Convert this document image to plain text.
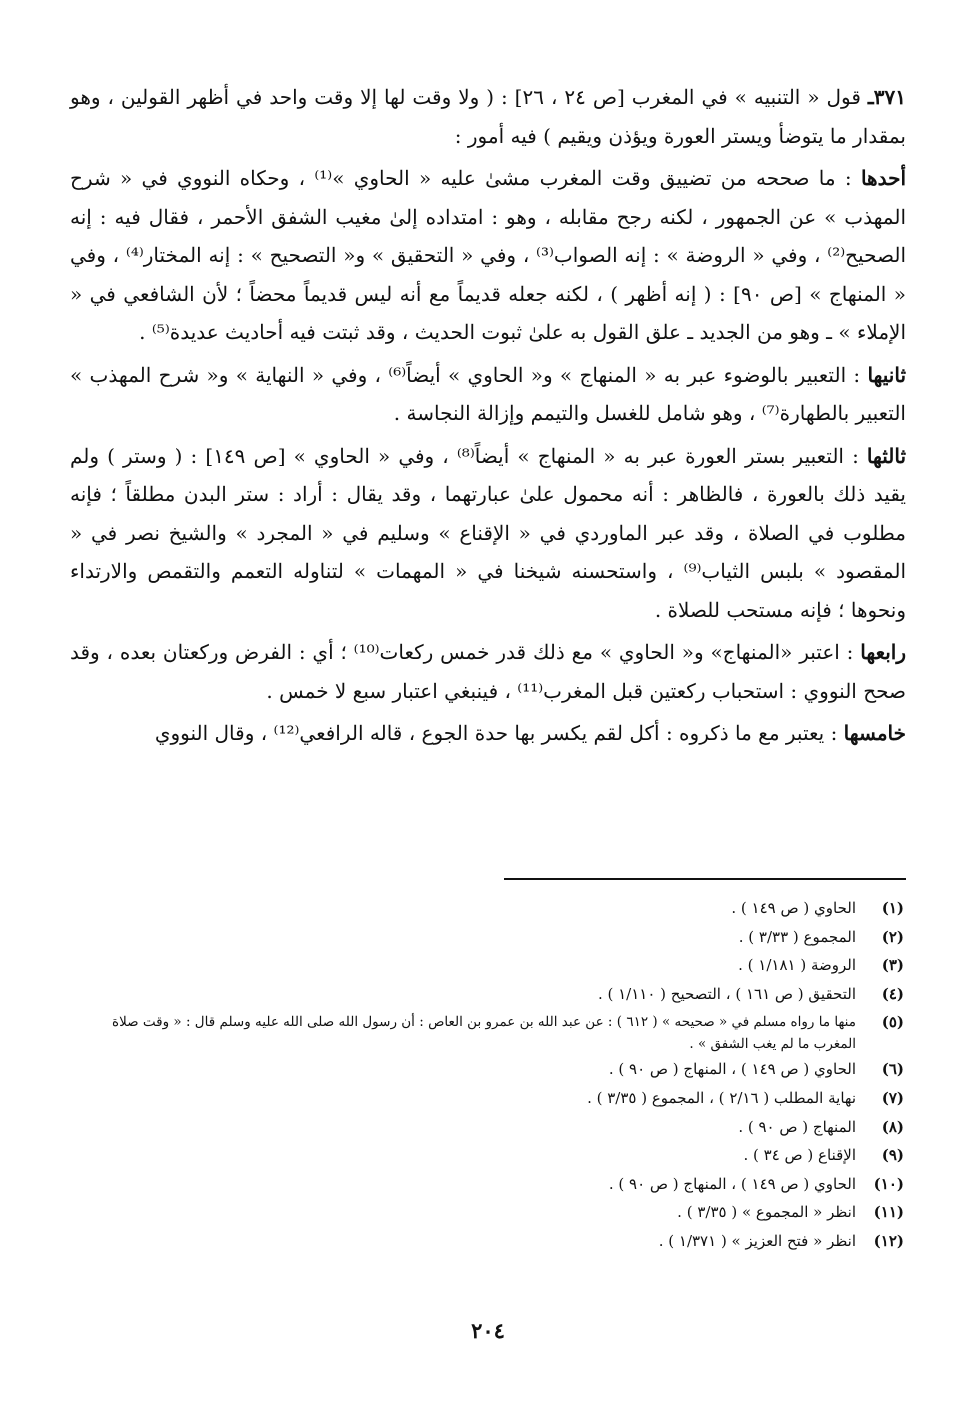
٣٧١ـ قول « التنبيه » في المغرب [ص ٢٤ ، ٢٦] : ( ولا وقت لها إلا وقت واحد في أظهر القولين ، وهو بمقدار ما يتوضأ ويستر العورة ويؤذن ويقيم ) فيه أمور :

أحدها : ما صححه من تضييق وقت المغرب مشىٰ عليه « الحاوي »⁽¹⁾ ، وحكاه النووي في « شرح المهذب » عن الجمهور ، لكنه رجح مقابله ، وهو : امتداده إلىٰ مغيب الشفق الأحمر ، فقال فيه : إنه الصحيح⁽²⁾ ، وفي « الروضة » : إنه الصواب⁽³⁾ ، وفي « التحقيق » و« التصحيح » : إنه المختار⁽⁴⁾ ، وفي « المنهاج » [ص ٩٠] : ( إنه أظهر ) ، لكنه جعله قديماً مع أنه ليس قديماً محضاً ؛ لأن الشافعي في « الإملاء » ـ وهو من الجديد ـ علق القول به علىٰ ثبوت الحديث ، وقد ثبتت فيه أحاديث عديدة⁽⁵⁾ .

ثانيها : التعبير بالوضوء عبر به « المنهاج » و« الحاوي » أيضاً⁽⁶⁾ ، وفي « النهاية » و« شرح المهذب » التعبير بالطهارة⁽⁷⁾ ، وهو شامل للغسل والتيمم وإزالة النجاسة .

ثالثها : التعبير بستر العورة عبر به « المنهاج » أيضاً⁽⁸⁾ ، وفي « الحاوي » [ص ١٤٩] : ( وستر ) ولم يقيد ذلك بالعورة ، فالظاهر : أنه محمول علىٰ عبارتهما ، وقد يقال : أراد : ستر البدن مطلقاً ؛ فإنه مطلوب في الصلاة ، وقد عبر الماوردي في « الإقناع » وسليم في « المجرد » والشيخ نصر في « المقصود » بلبس الثياب⁽⁹⁾ ، واستحسنه شيخنا في « المهمات » لتناوله التعمم والتقمص والارتداء ونحوها ؛ فإنه مستحب للصلاة .

رابعها : اعتبر «المنهاج» و« الحاوي » مع ذلك قدر خمس ركعات⁽¹⁰⁾ ؛ أي : الفرض وركعتان بعده ، وقد صحح النووي : استحباب ركعتين قبل المغرب⁽¹¹⁾ ، فينبغي اعتبار سبع لا خمس .

خامسها : يعتبر مع ما ذكروه : أكل لقم يكسر بها حدة الجوع ، قاله الرافعي⁽¹²⁾ ، وقال النووي

(١)
الحاوي ( ص ١٤٩ ) .
(٢)
المجموع ( ٣/٣٣ ) .
(٣)
الروضة ( ١/١٨١ ) .
(٤)
التحقيق ( ص ١٦١ ) ، التصحيح ( ١/١١٠ ) .
(٥)
منها ما رواه مسلم في « صحيحه » ( ٦١٢ ) : عن عبد الله بن عمرو بن العاص : أن رسول الله صلى الله عليه وسلم قال : « وقت صلاة المغرب ما لم يغب الشفق » .
(٦)
الحاوي ( ص ١٤٩ ) ، المنهاج ( ص ٩٠ ) .
(٧)
نهاية المطلب ( ٢/١٦ ) ، المجموع ( ٣/٣٥ ) .
(٨)
المنهاج ( ص ٩٠ ) .
(٩)
الإقناع ( ص ٣٤ ) .
(١٠)
الحاوي ( ص ١٤٩ ) ، المنهاج ( ص ٩٠ ) .
(١١)
انظر « المجموع » ( ٣/٣٥ ) .
(١٢)
انظر « فتح العزيز » ( ١/٣٧١ ) .
٢٠٤
